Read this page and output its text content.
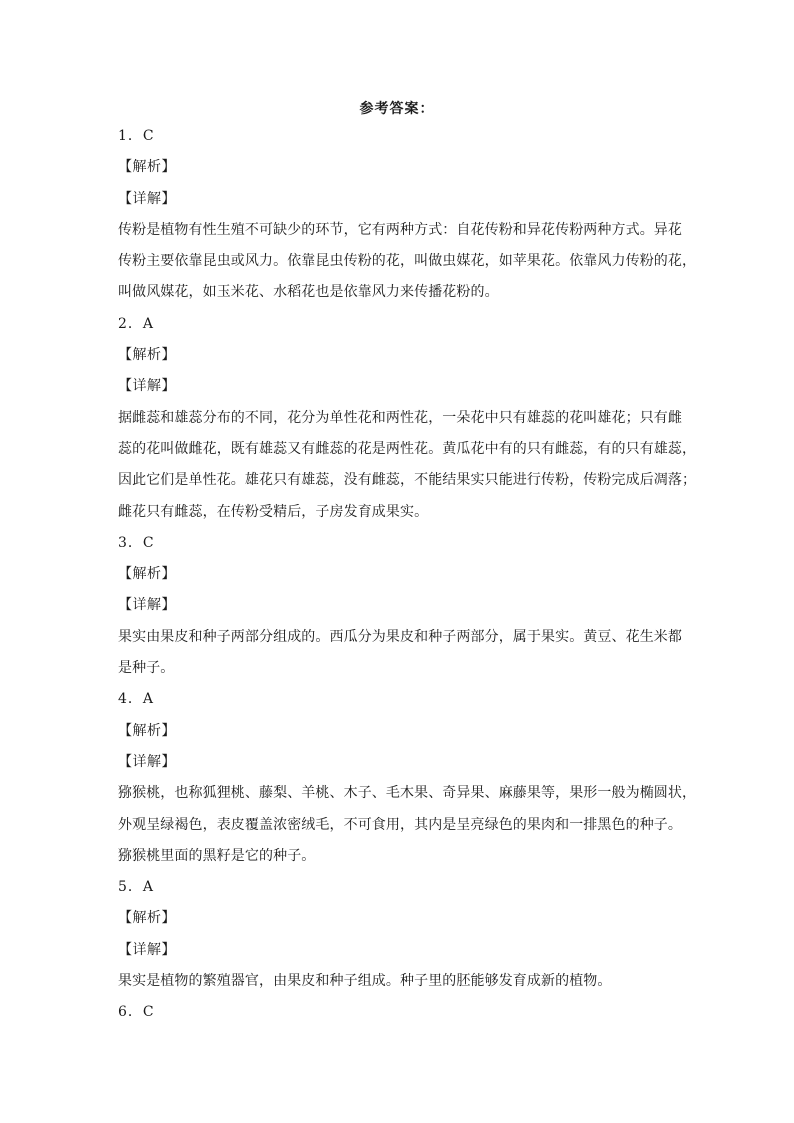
参考答案：
1．C
【解析】
【详解】
传粉是植物有性生殖不可缺少的环节，它有两种方式：自花传粉和异花传粉两种方式。异花
传粉主要依靠昆虫或风力。依靠昆虫传粉的花，叫做虫媒花，如苹果花。依靠风力传粉的花，
叫做风媒花，如玉米花、水稻花也是依靠风力来传播花粉的。
2．A
【解析】
【详解】
据雌蕊和雄蕊分布的不同，花分为单性花和两性花，一朵花中只有雄蕊的花叫雄花；只有雌
蕊的花叫做雌花，既有雄蕊又有雌蕊的花是两性花。黄瓜花中有的只有雌蕊，有的只有雄蕊，
因此它们是单性花。雄花只有雄蕊，没有雌蕊，不能结果实只能进行传粉，传粉完成后凋落；
雌花只有雌蕊，在传粉受精后，子房发育成果实。
3．C
【解析】
【详解】
果实由果皮和种子两部分组成的。西瓜分为果皮和种子两部分，属于果实。黄豆、花生米都
是种子。
4．A
【解析】
【详解】
猕猴桃，也称狐狸桃、藤梨、羊桃、木子、毛木果、奇异果、麻藤果等，果形一般为椭圆状，
外观呈绿褐色，表皮覆盖浓密绒毛，不可食用，其内是呈亮绿色的果肉和一排黑色的种子。
猕猴桃里面的黑籽是它的种子。
5．A
【解析】
【详解】
果实是植物的繁殖器官，由果皮和种子组成。种子里的胚能够发育成新的植物。
6．C
